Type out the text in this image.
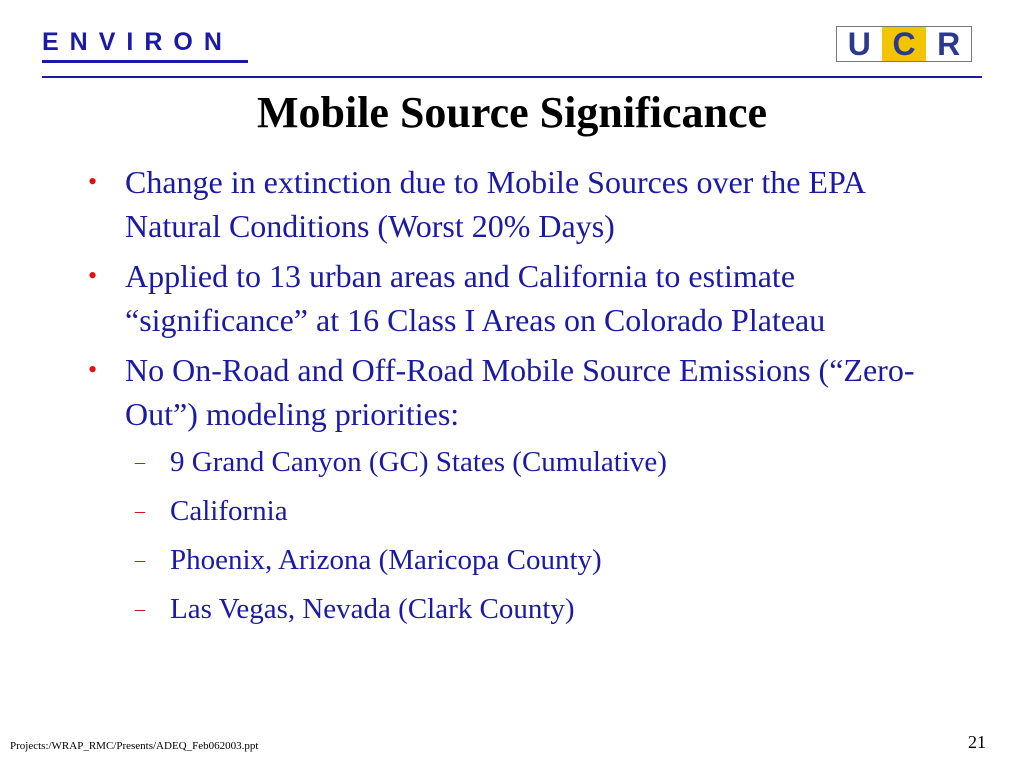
ENVIRON	U C R
Mobile Source Significance
• Change in extinction due to Mobile Sources over the EPA Natural Conditions (Worst 20% Days)
• Applied to 13 urban areas and California to estimate “significance” at 16 Class I Areas on Colorado Plateau
• No On-Road and Off-Road Mobile Source Emissions (“Zero-Out”) modeling priorities:
– 9 Grand Canyon (GC) States (Cumulative)
– California
– Phoenix, Arizona (Maricopa County)
– Las Vegas, Nevada (Clark County)
Projects:/WRAP_RMC/Presents/ADEQ_Feb062003.ppt	21
